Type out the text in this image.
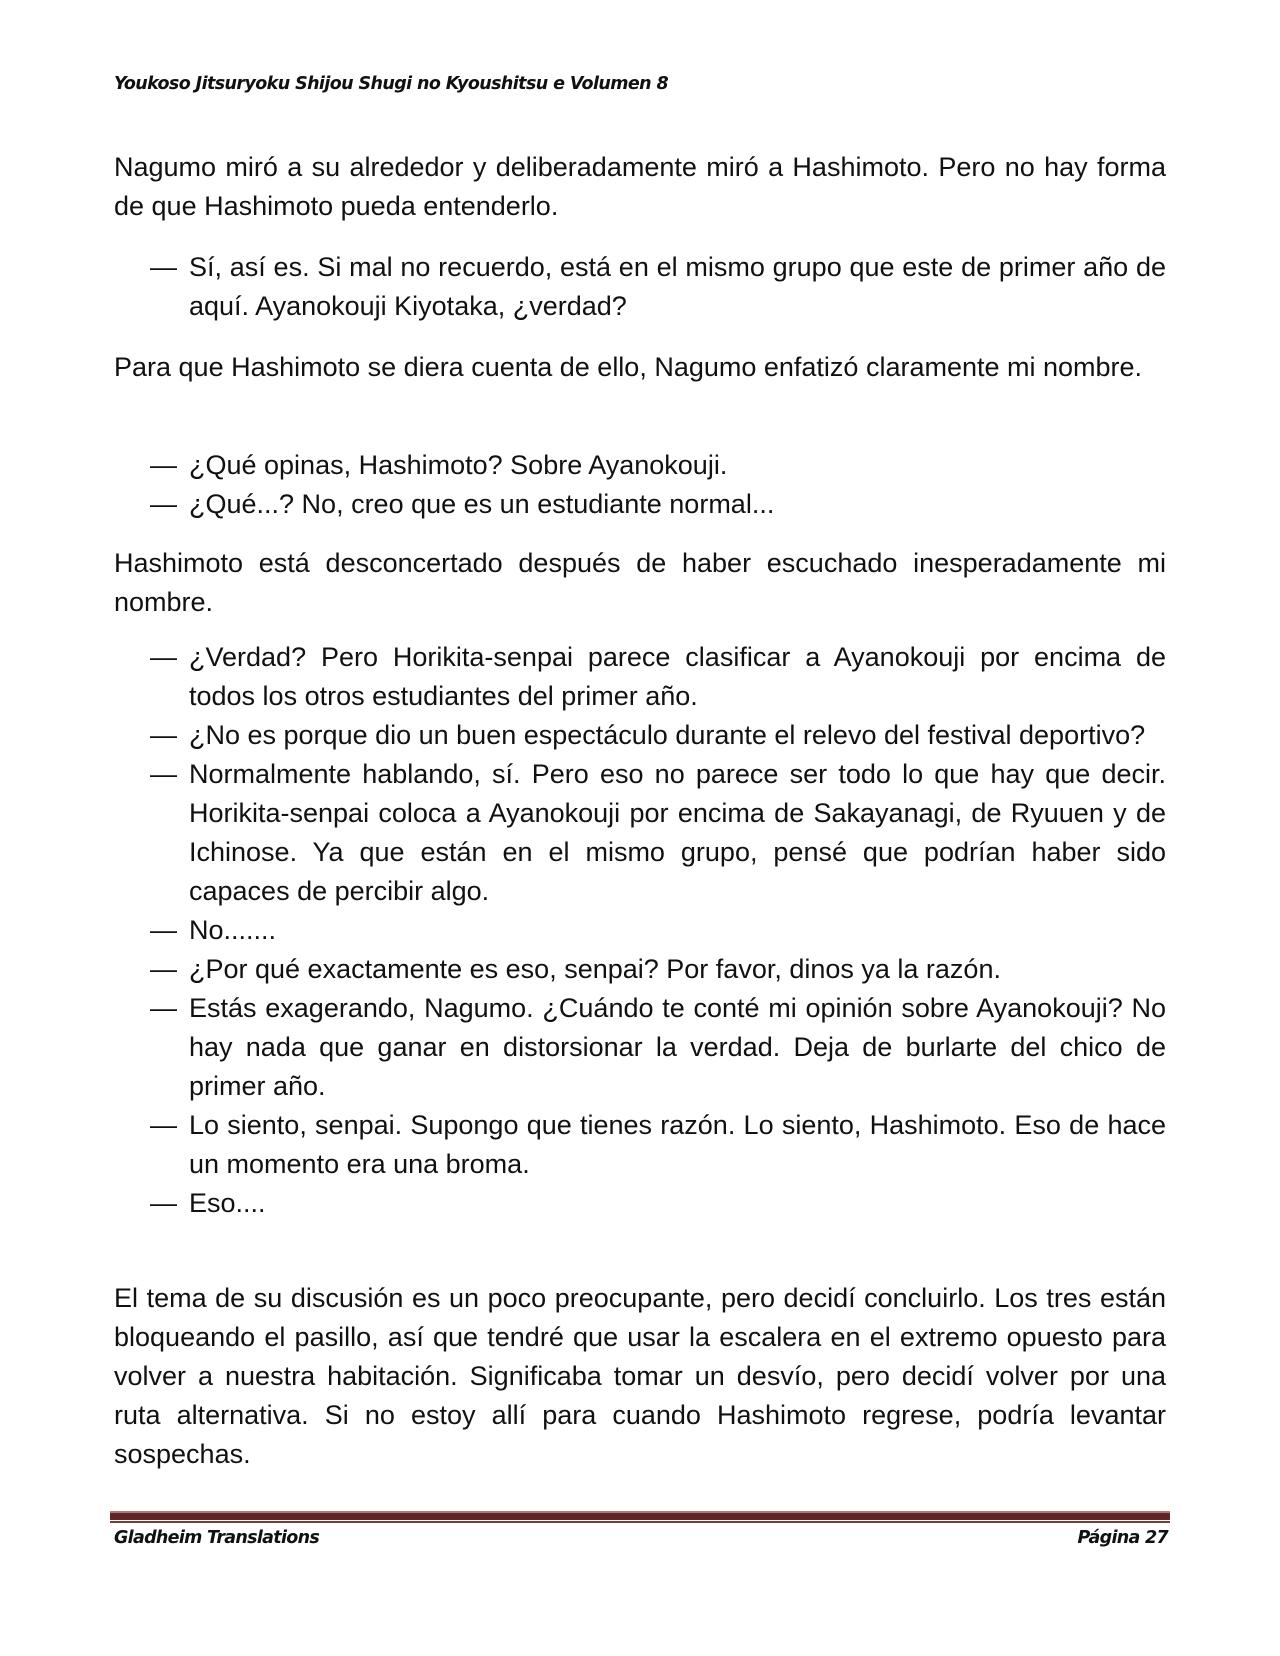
Youkoso Jitsuryoku Shijou Shugi no Kyoushitsu e Volumen 8

Nagumo miró a su alrededor y deliberadamente miró a Hashimoto. Pero no hay forma de que Hashimoto pueda entenderlo.

— Sí, así es. Si mal no recuerdo, está en el mismo grupo que este de primer año de aquí. Ayanokouji Kiyotaka, ¿verdad?

Para que Hashimoto se diera cuenta de ello, Nagumo enfatizó claramente mi nombre.

— ¿Qué opinas, Hashimoto? Sobre Ayanokouji.
— ¿Qué...? No, creo que es un estudiante normal...

Hashimoto está desconcertado después de haber escuchado inesperadamente mi nombre.

— ¿Verdad? Pero Horikita-senpai parece clasificar a Ayanokouji por encima de todos los otros estudiantes del primer año.
— ¿No es porque dio un buen espectáculo durante el relevo del festival deportivo?
— Normalmente hablando, sí. Pero eso no parece ser todo lo que hay que decir. Horikita-senpai coloca a Ayanokouji por encima de Sakayanagi, de Ryuuen y de Ichinose. Ya que están en el mismo grupo, pensé que podrían haber sido capaces de percibir algo.
— No.......
— ¿Por qué exactamente es eso, senpai? Por favor, dinos ya la razón.
— Estás exagerando, Nagumo. ¿Cuándo te conté mi opinión sobre Ayanokouji? No hay nada que ganar en distorsionar la verdad. Deja de burlarte del chico de primer año.
— Lo siento, senpai. Supongo que tienes razón. Lo siento, Hashimoto. Eso de hace un momento era una broma.
— Eso....

El tema de su discusión es un poco preocupante, pero decidí concluirlo. Los tres están bloqueando el pasillo, así que tendré que usar la escalera en el extremo opuesto para volver a nuestra habitación. Significaba tomar un desvío, pero decidí volver por una ruta alternativa. Si no estoy allí para cuando Hashimoto regrese, podría levantar sospechas.

Gladheim Translations	Página 27
